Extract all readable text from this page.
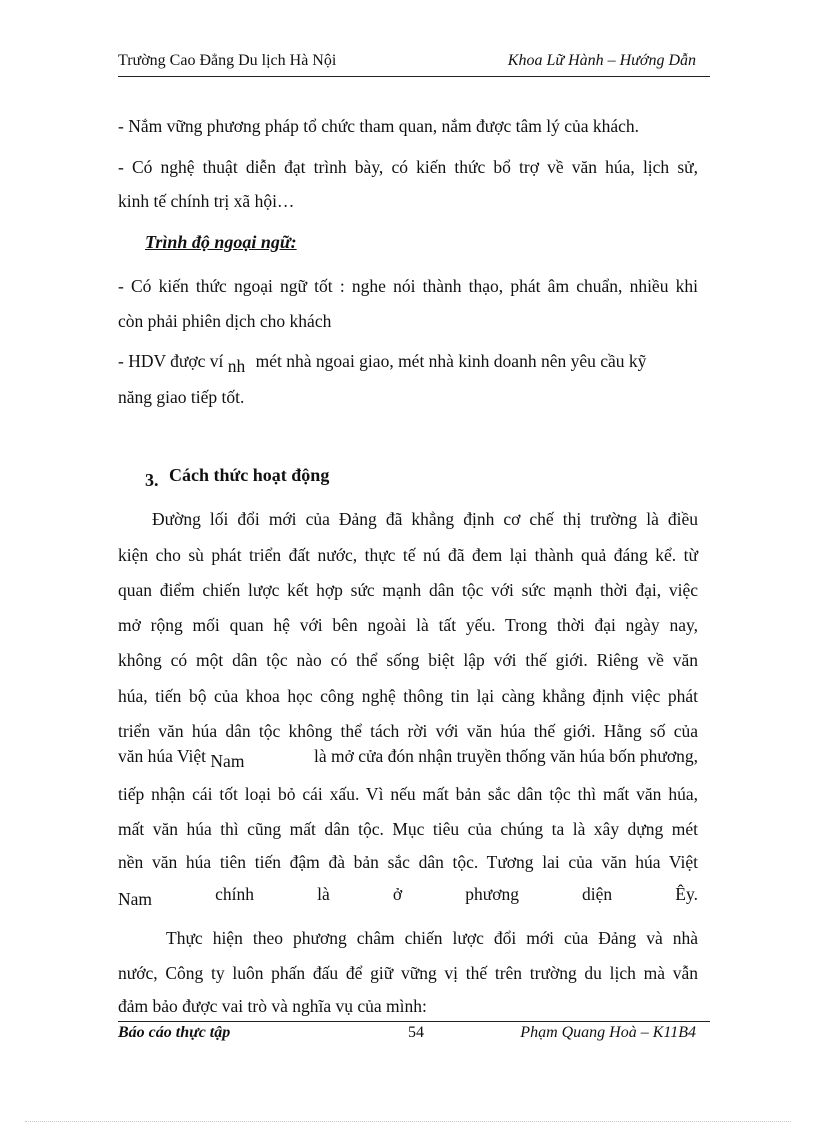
Trường Cao Đẳng Du lịch Hà Nội	Khoa Lữ Hành – Hướng Dẫn
- Nắm vững phương pháp tổ chức tham quan, nắm được tâm lý của khách.
- Có nghệ thuật diễn đạt trình bày, có kiến thức bổ trợ về văn húa, lịch sử,
kinh tế chính trị xã hội…
Trình độ ngoại ngữ:
- Có kiến thức ngoại ngữ tốt : nghe nói thành thạo, phát âm chuẩn, nhiều khi
còn phải phiên dịch cho khách
- HDV được ví nh mét nhà ngoai giao, mét nhà kinh doanh nên yêu cầu kỹ
năng giao tiếp tốt.
3. Cách thức hoạt động
Đường lối đổi mới của Đảng đã khẳng định cơ chế thị trường là điều
kiện cho sù phát triển đất nước, thực tế nú đã đem lại thành quả đáng kể. từ
quan điểm chiến lược kết hợp sức mạnh dân tộc với sức mạnh thời đại, việc
mở rộng mối quan hệ với bên ngoài là tất yếu. Trong thời đại ngày nay,
không có một dân tộc nào có thể sống biệt lập với thế giới. Riêng về văn
húa, tiến bộ của khoa học công nghệ thông tin lại càng khẳng định việc phát
triển văn húa dân tộc không thể tách rời với văn húa thế giới. Hằng số của
văn húa Việt Nam	là mở cửa đón nhận truyền thống văn húa bốn phương,
tiếp nhận cái tốt loại bỏ cái xấu. Vì nếu mất bản sắc dân tộc thì mất văn húa,
mất văn húa thì cũng mất dân tộc. Mục tiêu của chúng ta là xây dựng mét
nền văn húa tiên tiến đậm đà bản sắc dân tộc. Tương lai của văn húa Việt
Nam	chính	là	ở	phương	diện	Êy.
Thực hiện theo phương châm chiến lược đổi mới của Đảng và nhà
nước, Công ty luôn phấn đấu để giữ vững vị thế trên trường du lịch mà vẫn
đảm bảo được vai trò và nghĩa vụ của mình:
Báo cáo thực tập	54	Phạm Quang Hoà – K11B4
